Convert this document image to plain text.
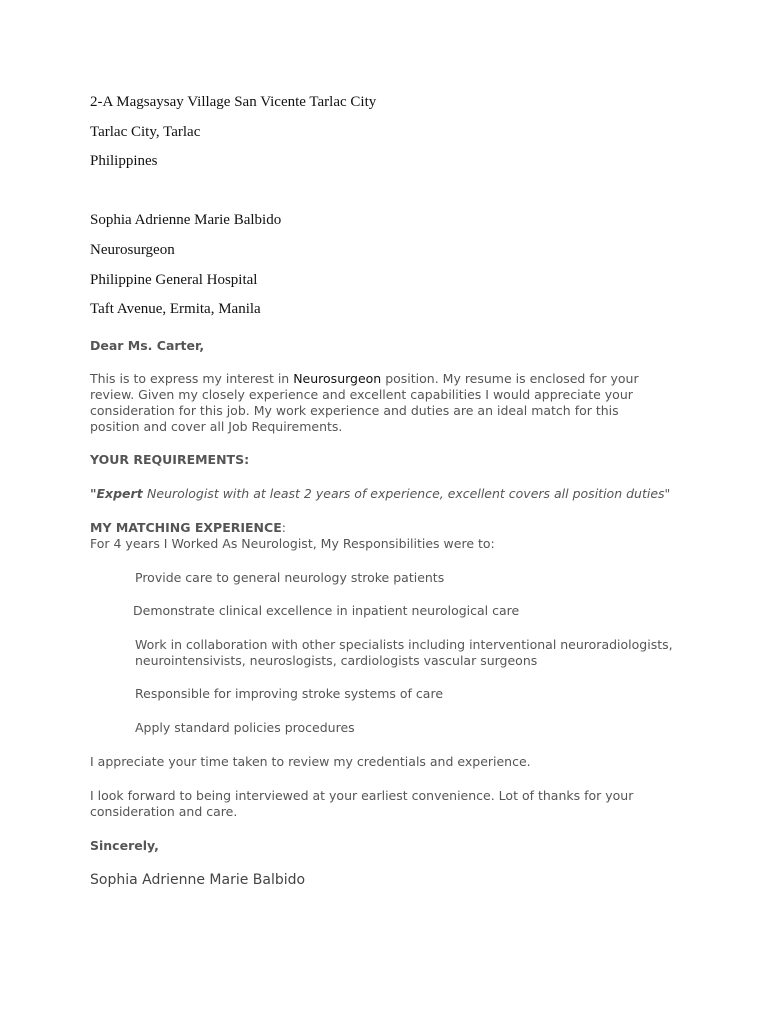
2-A Magsaysay Village San Vicente Tarlac City
Tarlac City, Tarlac
Philippines
Sophia Adrienne Marie Balbido
Neurosurgeon
Philippine General Hospital
Taft Avenue, Ermita, Manila
Dear Ms. Carter,
This is to express my interest in Neurosurgeon position. My resume is enclosed for your review. Given my closely experience and excellent capabilities I would appreciate your consideration for this job. My work experience and duties are an ideal match for this position and cover all Job Requirements.
YOUR REQUIREMENTS:
"Expert Neurologist with at least 2 years of experience, excellent covers all position duties"
MY MATCHING EXPERIENCE:
For 4 years I Worked As Neurologist, My Responsibilities were to:
Provide care to general neurology stroke patients
Demonstrate clinical excellence in inpatient neurological care
Work in collaboration with other specialists including interventional neuroradiologists,
neurointensivists, neuroslogists, cardiologists vascular surgeons
Responsible for improving stroke systems of care
Apply standard policies procedures
I appreciate your time taken to review my credentials and experience.
I look forward to being interviewed at your earliest convenience. Lot of thanks for your consideration and care.
Sincerely,
Sophia Adrienne Marie Balbido
